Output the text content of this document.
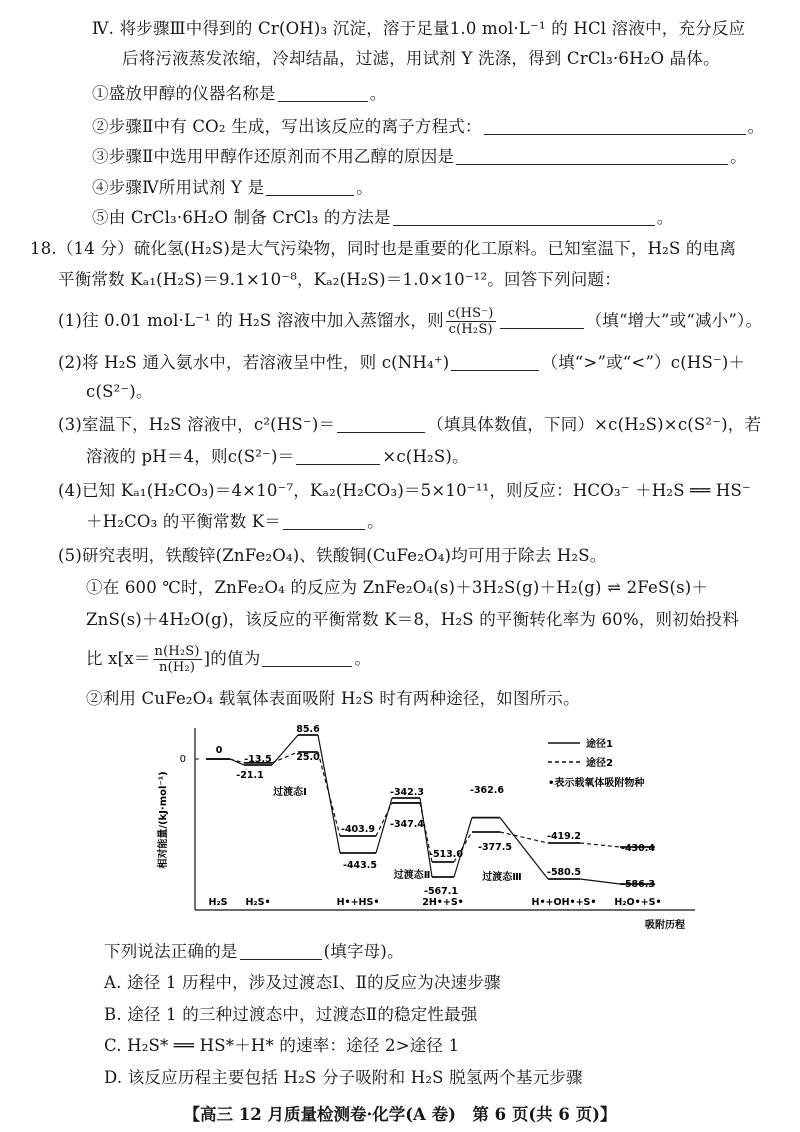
Ⅳ. 将步骤Ⅲ中得到的 Cr(OH)₃ 沉淀，溶于足量1.0 mol·L⁻¹ 的 HCl 溶液中，充分反应
后将污液蒸发浓缩，冷却结晶，过滤，用试剂 Y 洗涤，得到 CrCl₃·6H₂O 晶体。
①盛放甲醇的仪器名称是	。
②步骤Ⅱ中有 CO₂ 生成，写出该反应的离子方程式：	。
③步骤Ⅱ中选用甲醇作还原剂而不用乙醇的原因是	。
④步骤Ⅳ所用试剂 Y 是	。
⑤由 CrCl₃·6H₂O 制备 CrCl₃ 的方法是	。
18.（14 分）硫化氢(H₂S)是大气污染物，同时也是重要的化工原料。已知室温下，H₂S 的电离
平衡常数 Kₐ₁(H₂S)＝9.1×10⁻⁸，Kₐ₂(H₂S)＝1.0×10⁻¹²。回答下列问题：
(1)往 0.01 mol·L⁻¹ 的 H₂S 溶液中加入蒸馏水，则 $\frac{c(HS^-)}{\text{c(H₂S)}}$	（填“增大”或“减小”）。
(2)将 H₂S 通入氨水中，若溶液呈中性，则 c(NH₄⁺)	（填“>”或“<”）c(HS⁻)＋
c(S²⁻)。
(3)室温下，H₂S 溶液中，c²(HS⁻)＝	（填具体数值，下同）×c(H₂S)×c(S²⁻)，若
溶液的 pH＝4，则c(S²⁻)＝	×c(H₂S)。
(4)已知 Kₐ₁(H₂CO₃)＝4×10⁻⁷，Kₐ₂(H₂CO₃)＝5×10⁻¹¹，则反应：HCO₃⁻ ＋H₂S ══ HS⁻
＋H₂CO₃ 的平衡常数 K＝	。
(5)研究表明，铁酸锌(ZnFe₂O₄)、铁酸铜(CuFe₂O₄)均可用于除去 H₂S。
①在 600 ℃时，ZnFe₂O₄ 的反应为 ZnFe₂O₄(s)＋3H₂S(g)＋H₂(g) ⇌ 2FeS(s)＋
ZnS(s)＋4H₂O(g)，该反应的平衡常数 K＝8，H₂S 的平衡转化率为 60%，则初始投料
比 $x[x= \frac{\text{n(H₂S)}}{\text{n(H₂)}}$ ]的值为	。
②利用 CuFe₂O₄ 载氧体表面吸附 H₂S 时有两种途径，如图所示。
0
相对能量/(kJ·mol⁻¹)
吸附历程
途径1
途径2
•表示载氧体吸附物种
过渡态Ⅰ
过渡态Ⅱ	过渡态Ⅲ
H₂S H₂S•	H•+HS•	2H•+S•	H•+OH•+S• H₂O•+S•
0
-13.5
-21.1
85.6
25.0
-403.9
-443.5
-342.3
-347.4
-513.0
-567.1
-362.6
-377.5
-419.2
-430.4
-580.5
-586.3
下列说法正确的是	(填字母)。
A. 途径 1 历程中，涉及过渡态Ⅰ、Ⅱ的反应为决速步骤
B. 途径 1 的三种过渡态中，过渡态Ⅱ的稳定性最强
C. H₂S* ══ HS*＋H* 的速率：途径 2>途径 1
D. 该反应历程主要包括 H₂S 分子吸附和 H₂S 脱氢两个基元步骤
【高三 12 月质量检测卷·化学(A 卷)　第 6 页(共 6 页)】
